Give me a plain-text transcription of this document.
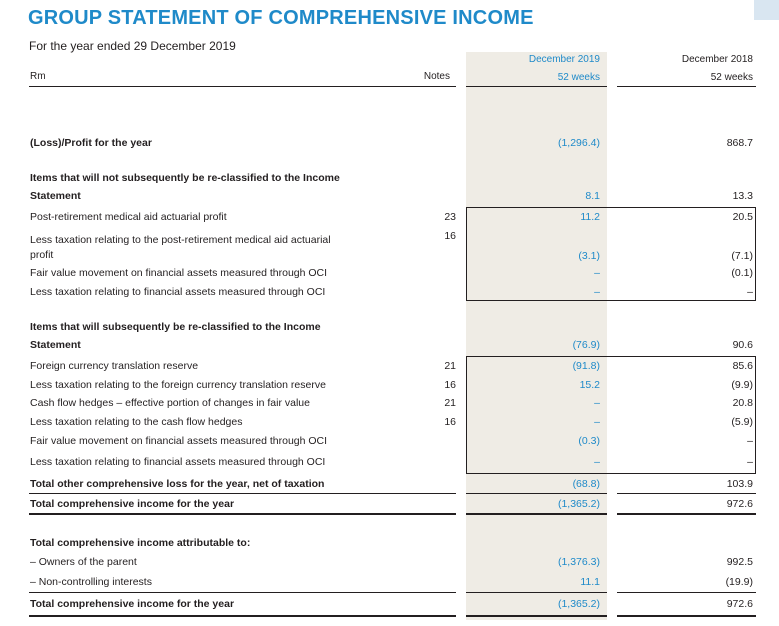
GROUP STATEMENT OF COMPREHENSIVE INCOME
For the year ended 29 December 2019
Rm	Notes
December 2019
52 weeks
December 2018
52 weeks
(Loss)/Profit for the year	(1,296.4)	868.7
Items that will not subsequently be re-classified to the Income
Statement	8.1	13.3
Post-retirement medical aid actuarial profit	23	11.2	20.5
Less taxation relating to the post-retirement medical aid actuarial	16
profit	(3.1)	(7.1)
Fair value movement on financial assets measured through OCI	–	(0.1)
Less taxation relating to financial assets measured through OCI	–	–
Items that will subsequently be re-classified to the Income
Statement	(76.9)	90.6
Foreign currency translation reserve	21	(91.8)	85.6
Less taxation relating to the foreign currency translation reserve	16	15.2	(9.9)
Cash flow hedges – effective portion of changes in fair value	21	–	20.8
Less taxation relating to the cash flow hedges	16	–	(5.9)
Fair value movement on financial assets measured through OCI	(0.3)	–
Less taxation relating to financial assets measured through OCI	–	–
Total other comprehensive loss for the year, net of taxation	(68.8)	103.9
Total comprehensive income for the year	(1,365.2)	972.6
Total comprehensive income attributable to:
– Owners of the parent	(1,376.3)	992.5
– Non-controlling interests	11.1	(19.9)
Total comprehensive income for the year	(1,365.2)	972.6
